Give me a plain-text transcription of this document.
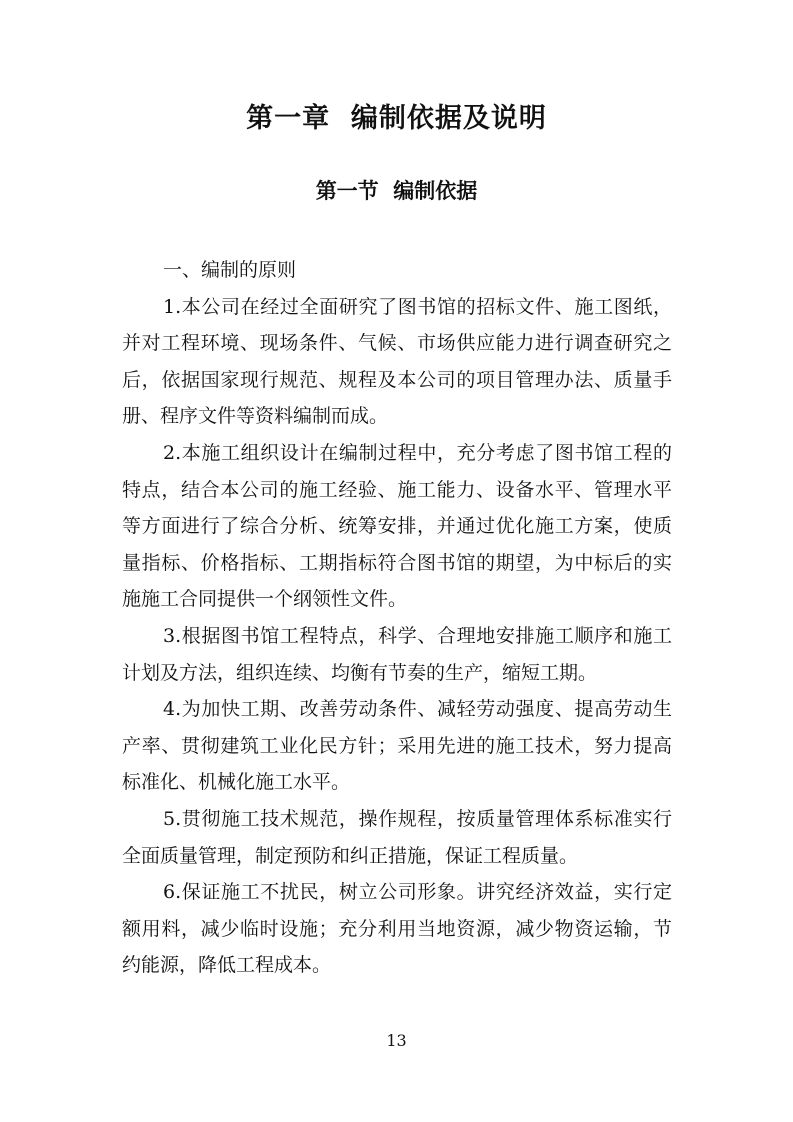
第一章  编制依据及说明
第一节  编制依据

一、编制的原则

1.本公司在经过全面研究了图书馆的招标文件、施工图纸，并对工程环境、现场条件、气候、市场供应能力进行调查研究之后，依据国家现行规范、规程及本公司的项目管理办法、质量手册、程序文件等资料编制而成。

2.本施工组织设计在编制过程中，充分考虑了图书馆工程的特点，结合本公司的施工经验、施工能力、设备水平、管理水平等方面进行了综合分析、统筹安排，并通过优化施工方案，使质量指标、价格指标、工期指标符合图书馆的期望，为中标后的实施施工合同提供一个纲领性文件。

3.根据图书馆工程特点，科学、合理地安排施工顺序和施工计划及方法，组织连续、均衡有节奏的生产，缩短工期。

4.为加快工期、改善劳动条件、减轻劳动强度、提高劳动生产率、贯彻建筑工业化民方针；采用先进的施工技术，努力提高标准化、机械化施工水平。

5.贯彻施工技术规范，操作规程，按质量管理体系标准实行全面质量管理，制定预防和纠正措施，保证工程质量。

6.保证施工不扰民，树立公司形象。讲究经济效益，实行定额用料，减少临时设施；充分利用当地资源，减少物资运输，节约能源，降低工程成本。

13
